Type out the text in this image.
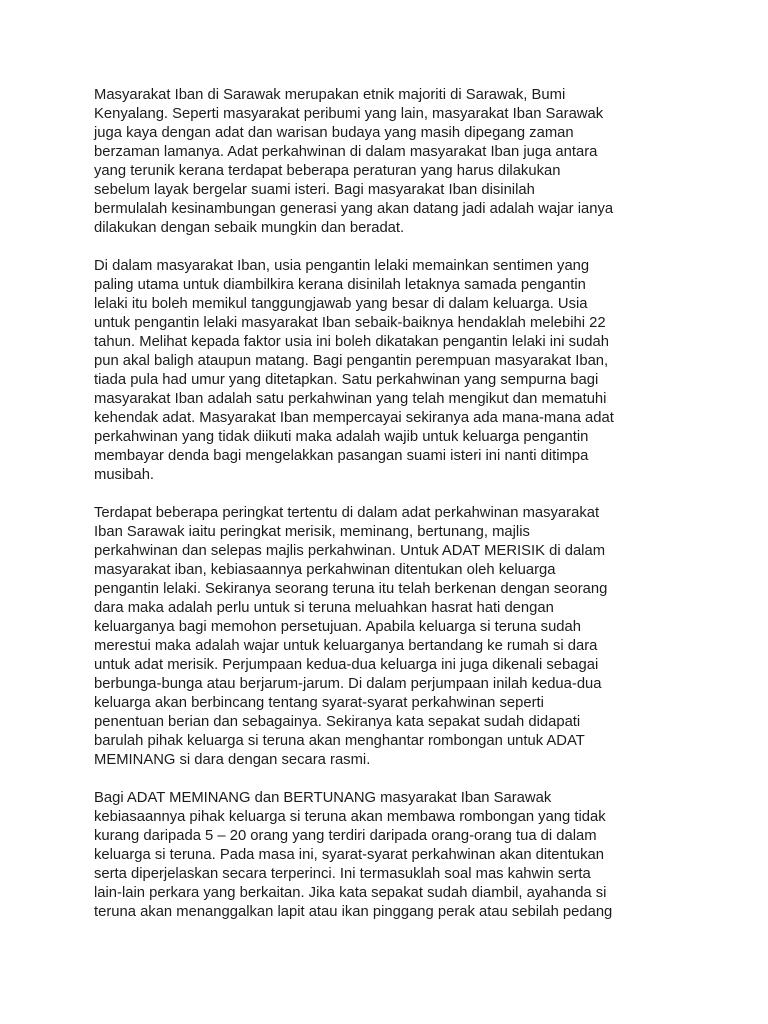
Masyarakat Iban di Sarawak merupakan etnik majoriti di Sarawak, Bumi
Kenyalang. Seperti masyarakat peribumi yang lain, masyarakat Iban Sarawak
juga kaya dengan adat dan warisan budaya yang masih dipegang zaman
berzaman lamanya. Adat perkahwinan di dalam masyarakat Iban juga antara
yang terunik kerana terdapat beberapa peraturan yang harus dilakukan
sebelum layak bergelar suami isteri. Bagi masyarakat Iban disinilah
bermulalah kesinambungan generasi yang akan datang jadi adalah wajar ianya
dilakukan dengan sebaik mungkin dan beradat.

Di dalam masyarakat Iban, usia pengantin lelaki memainkan sentimen yang
paling utama untuk diambilkira kerana disinilah letaknya samada pengantin
lelaki itu boleh memikul tanggungjawab yang besar di dalam keluarga. Usia
untuk pengantin lelaki masyarakat Iban sebaik-baiknya hendaklah melebihi 22
tahun. Melihat kepada faktor usia ini boleh dikatakan pengantin lelaki ini sudah
pun akal baligh ataupun matang. Bagi pengantin perempuan masyarakat Iban,
tiada pula had umur yang ditetapkan. Satu perkahwinan yang sempurna bagi
masyarakat Iban adalah satu perkahwinan yang telah mengikut dan mematuhi
kehendak adat. Masyarakat Iban mempercayai sekiranya ada mana-mana adat
perkahwinan yang tidak diikuti maka adalah wajib untuk keluarga pengantin
membayar denda bagi mengelakkan pasangan suami isteri ini nanti ditimpa
musibah.

Terdapat beberapa peringkat tertentu di dalam adat perkahwinan masyarakat
Iban Sarawak iaitu peringkat merisik, meminang, bertunang, majlis
perkahwinan dan selepas majlis perkahwinan. Untuk ADAT MERISIK di dalam
masyarakat iban, kebiasaannya perkahwinan ditentukan oleh keluarga
pengantin lelaki. Sekiranya seorang teruna itu telah berkenan dengan seorang
dara maka adalah perlu untuk si teruna meluahkan hasrat hati dengan
keluarganya bagi memohon persetujuan. Apabila keluarga si teruna sudah
merestui maka adalah wajar untuk keluarganya bertandang ke rumah si dara
untuk adat merisik. Perjumpaan kedua-dua keluarga ini juga dikenali sebagai
berbunga-bunga atau berjarum-jarum. Di dalam perjumpaan inilah kedua-dua
keluarga akan berbincang tentang syarat-syarat perkahwinan seperti
penentuan berian dan sebagainya. Sekiranya kata sepakat sudah didapati
barulah pihak keluarga si teruna akan menghantar rombongan untuk ADAT
MEMINANG si dara dengan secara rasmi.

Bagi ADAT MEMINANG dan BERTUNANG masyarakat Iban Sarawak
kebiasaannya pihak keluarga si teruna akan membawa rombongan yang tidak
kurang daripada 5 – 20 orang yang terdiri daripada orang-orang tua di dalam
keluarga si teruna. Pada masa ini, syarat-syarat perkahwinan akan ditentukan
serta diperjelaskan secara terperinci. Ini termasuklah soal mas kahwin serta
lain-lain perkara yang berkaitan. Jika kata sepakat sudah diambil, ayahanda si
teruna akan menanggalkan lapit atau ikan pinggang perak atau sebilah pedang
